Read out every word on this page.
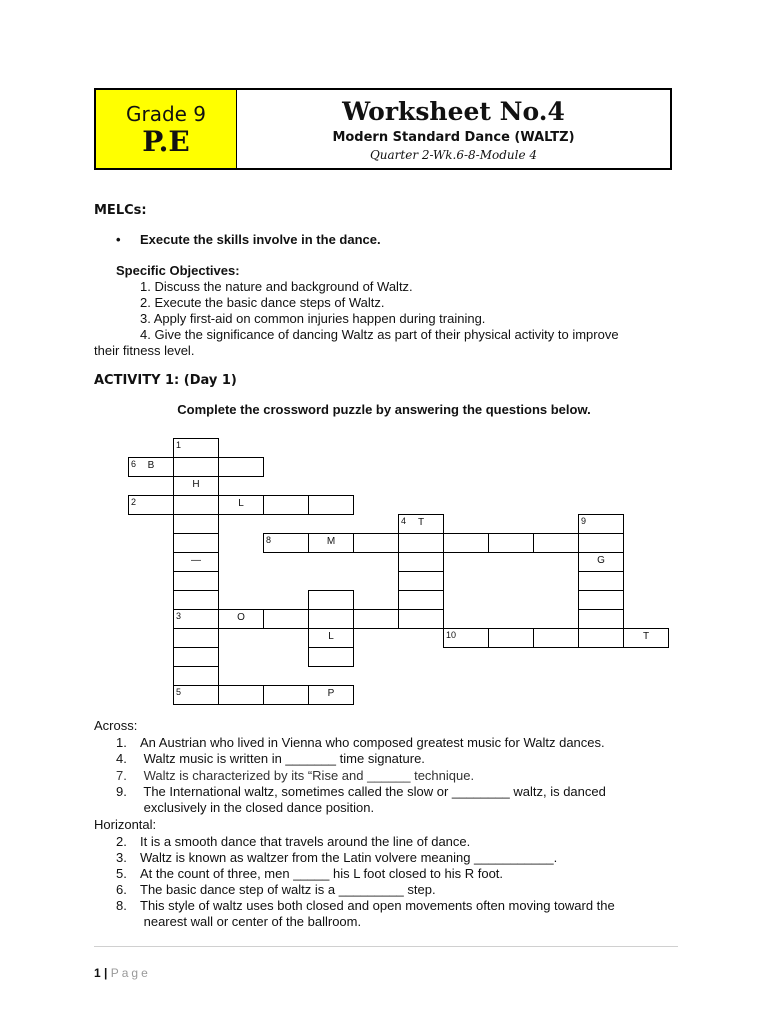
Grade 9
P.E
Worksheet No.4
Modern Standard Dance (WALTZ)
Quarter 2-Wk.6-8-Module 4
MELCs:
• Execute the skills involve in the dance.
Specific Objectives:
1. Discuss the nature and background of Waltz.
2. Execute the basic dance steps of Waltz.
3. Apply first-aid on common injuries happen during training.
4. Give the significance of dancing Waltz as part of their physical activity to improve
their fitness level.
ACTIVITY 1: (Day 1)
Complete the crossword puzzle by answering the questions below.
1
6	B
H
2	L
4	T	9
8	M
—	G
3	O
L	10	T
5	P
Across:
1. An Austrian who lived in Vienna who composed greatest music for Waltz dances.
4. Waltz music is written in _______ time signature.
7. Waltz is characterized by its “Rise and ______ technique.
9. The International waltz, sometimes called the slow or ________ waltz, is danced
exclusively in the closed dance position.
Horizontal:
2. It is a smooth dance that travels around the line of dance.
3. Waltz is known as waltzer from the Latin volvere meaning ___________.
5. At the count of three, men _____ his L foot closed to his R foot.
6. The basic dance step of waltz is a _________ step.
8. This style of waltz uses both closed and open movements often moving toward the
nearest wall or center of the ballroom.
1 | Page
